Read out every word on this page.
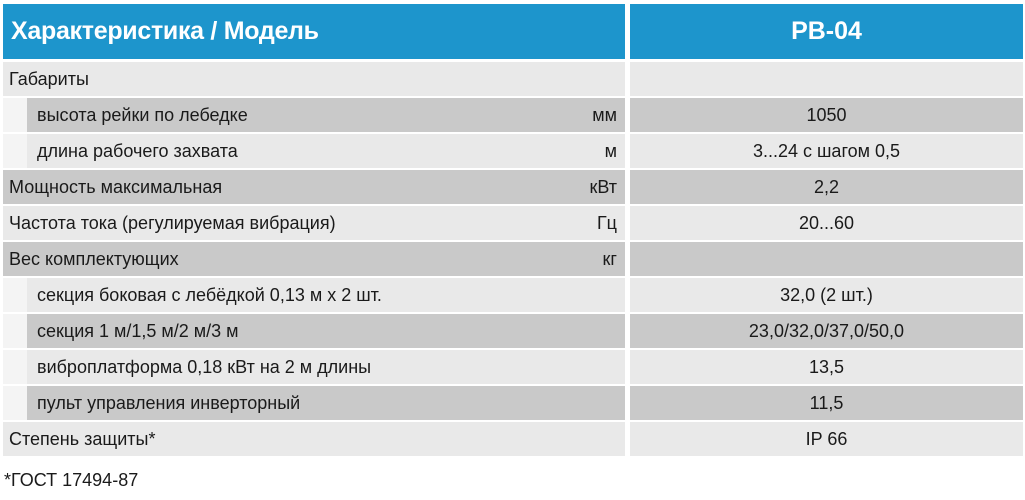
Характеристика / Модель	PB-04
Габариты
высота рейки по лебедке	мм	1050
длина рабочего захвата	м	3...24 с шагом 0,5
Мощность максимальная	кВт	2,2
Частота тока (регулируемая вибрация)	Гц	20...60
Вес комплектующих	кг
секция боковая с лебёдкой 0,13 м х 2 шт.	32,0 (2 шт.)
секция 1 м/1,5 м/2 м/3 м	23,0/32,0/37,0/50,0
виброплатформа 0,18 кВт на 2 м длины	13,5
пульт управления инверторный	11,5
Степень защиты*	IP 66
*ГОСТ 17494-87
